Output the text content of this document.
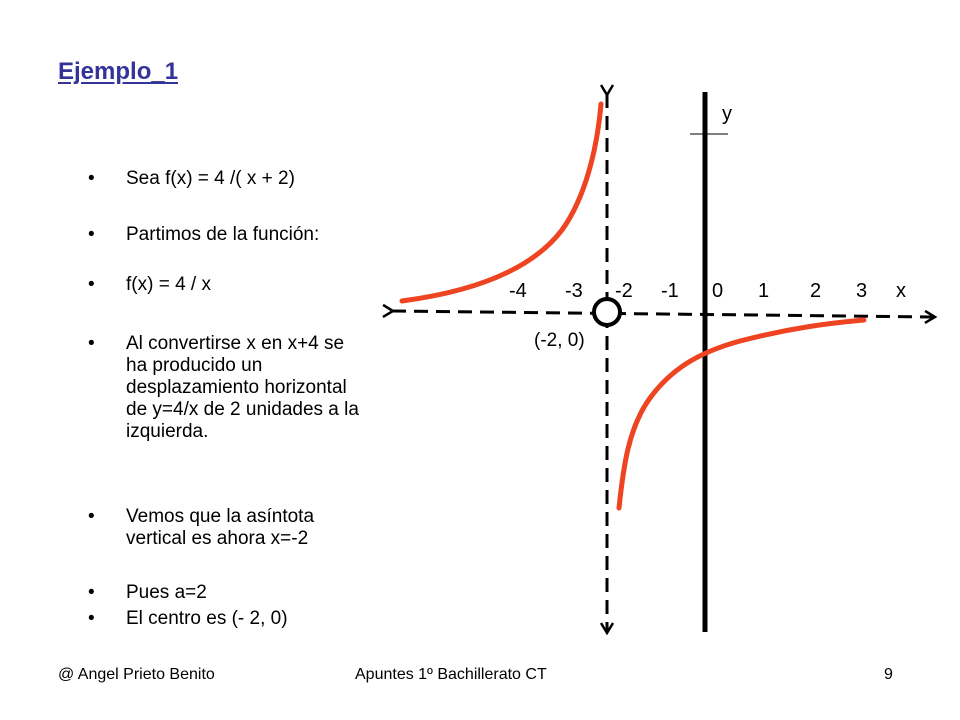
Ejemplo_1
• Sea f(x) = 4 /( x + 2)
• Partimos de la función:
• f(x) = 4 / x
• Al convertirse x en x+4 se ha producido un desplazamiento horizontal de y=4/x de 2 unidades a la izquierda.
• Vemos que la asíntota vertical es ahora x=-2
• Pues a=2
• El centro es (- 2, 0)
y
x
-4 -3 -2 -1 0 1 2 3
(-2, 0)
@ Angel Prieto Benito	Apuntes 1º Bachillerato CT	9
